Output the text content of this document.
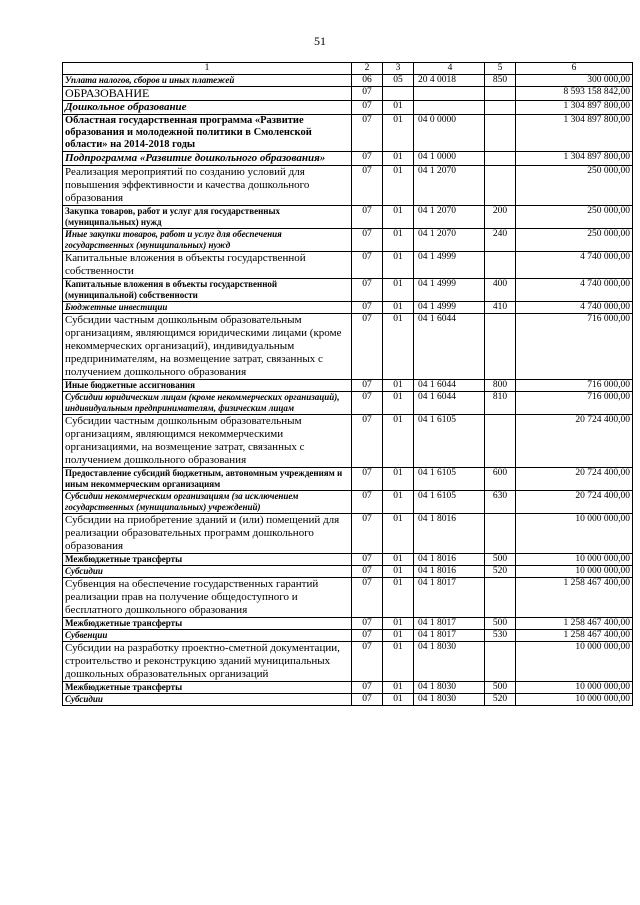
51
1	2	3	4	5	6
Уплата налогов, сборов и иных платежей	06	05	20 4 0018	850	300 000,00
ОБРАЗОВАНИЕ	07				8 593 158 842,00
Дошкольное образование	07	01			1 304 897 800,00
Областная государственная программа «Развитие образования и молодежной политики в Смоленской области» на 2014-2018 годы	07	01	04 0 0000		1 304 897 800,00
Подпрограмма «Развитие дошкольного образования»	07	01	04 1 0000		1 304 897 800,00
Реализация мероприятий по созданию условий для повышения эффективности и качества дошкольного образования	07	01	04 1 2070		250 000,00
Закупка товаров, работ и услуг для государственных (муниципальных) нужд	07	01	04 1 2070	200	250 000,00
Иные закупки товаров, работ и услуг для обеспечения государственных (муниципальных) нужд	07	01	04 1 2070	240	250 000,00
Капитальные вложения в объекты государственной собственности	07	01	04 1 4999		4 740 000,00
Капитальные вложения в объекты государственной (муниципальной) собственности	07	01	04 1 4999	400	4 740 000,00
Бюджетные инвестиции	07	01	04 1 4999	410	4 740 000,00
Субсидии частным дошкольным образовательным организациям, являющимся юридическими лицами (кроме некоммерческих организаций), индивидуальным предпринимателям, на возмещение затрат, связанных с получением дошкольного образования	07	01	04 1 6044		716 000,00
Иные бюджетные ассигнования	07	01	04 1 6044	800	716 000,00
Субсидии юридическим лицам (кроме некоммерческих организаций), индивидуальным предпринимателям, физическим лицам	07	01	04 1 6044	810	716 000,00
Субсидии частным дошкольным образовательным организациям, являющимся некоммерческими организациями, на возмещение затрат, связанных с получением дошкольного образования	07	01	04 1 6105		20 724 400,00
Предоставление субсидий бюджетным, автономным учреждениям и иным некоммерческим организациям	07	01	04 1 6105	600	20 724 400,00
Субсидии некоммерческим организациям (за исключением государственных (муниципальных) учреждений)	07	01	04 1 6105	630	20 724 400,00
Субсидии на приобретение зданий и (или) помещений для реализации образовательных программ дошкольного образования	07	01	04 1 8016		10 000 000,00
Межбюджетные трансферты	07	01	04 1 8016	500	10 000 000,00
Субсидии	07	01	04 1 8016	520	10 000 000,00
Субвенция на обеспечение государственных гарантий реализации прав на получение общедоступного и бесплатного дошкольного образования	07	01	04 1 8017		1 258 467 400,00
Межбюджетные трансферты	07	01	04 1 8017	500	1 258 467 400,00
Субвенции	07	01	04 1 8017	530	1 258 467 400,00
Субсидии на разработку проектно-сметной документации, строительство и реконструкцию зданий муниципальных дошкольных образовательных организаций	07	01	04 1 8030		10 000 000,00
Межбюджетные трансферты	07	01	04 1 8030	500	10 000 000,00
Субсидии	07	01	04 1 8030	520	10 000 000,00
